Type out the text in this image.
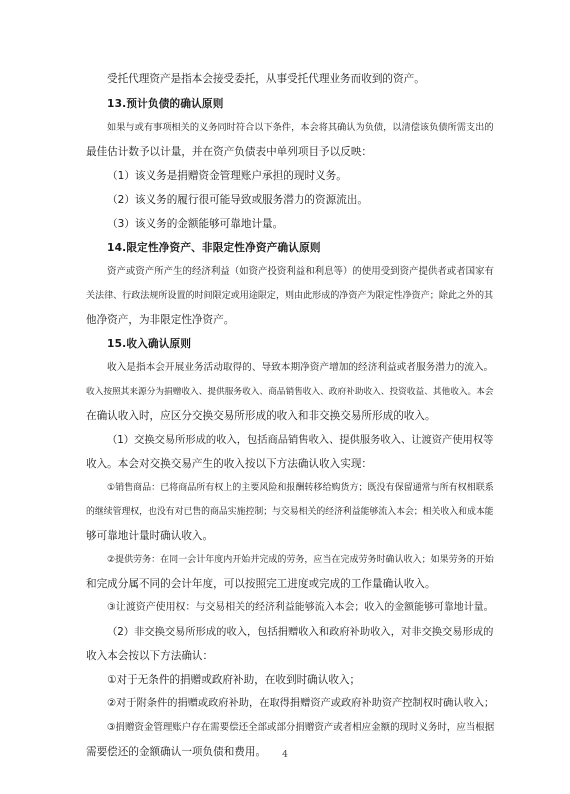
受托代理资产是指本会接受委托，从事受托代理业务而收到的资产。
13.预计负债的确认原则
如果与或有事项相关的义务同时符合以下条件，本会将其确认为负债，以清偿该负债所需支出的
最佳估计数予以计量，并在资产负债表中单列项目予以反映：
（1）该义务是捐赠资金管理账户承担的现时义务。
（2）该义务的履行很可能导致或服务潜力的资源流出。
（3）该义务的金额能够可靠地计量。
14.限定性净资产、非限定性净资产确认原则
资产或资产所产生的经济利益（如资产投资利益和利息等）的使用受到资产提供者或者国家有
关法律、行政法规所设置的时间限定或用途限定，则由此形成的净资产为限定性净资产；除此之外的其
他净资产，为非限定性净资产。
15.收入确认原则
收入是指本会开展业务活动取得的、导致本期净资产增加的经济利益或者服务潜力的流入。
收入按照其来源分为捐赠收入、提供服务收入、商品销售收入、政府补助收入、投资收益、其他收入。本会
在确认收入时，应区分交换交易所形成的收入和非交换交易所形成的收入。
（1）交换交易所形成的收入，包括商品销售收入、提供服务收入、让渡资产使用权等
收入。本会对交换交易产生的收入按以下方法确认收入实现：
①销售商品：已将商品所有权上的主要风险和报酬转移给购货方；既没有保留通常与所有权相联系
的继续管理权，也没有对已售的商品实施控制；与交易相关的经济利益能够流入本会；相关收入和成本能
够可靠地计量时确认收入。
②提供劳务：在同一会计年度内开始并完成的劳务，应当在完成劳务时确认收入；如果劳务的开始
和完成分属不同的会计年度，可以按照完工进度或完成的工作量确认收入。
③让渡资产使用权：与交易相关的经济利益能够流入本会；收入的金额能够可靠地计量。
（2）非交换交易所形成的收入，包括捐赠收入和政府补助收入，对非交换交易形成的
收入本会按以下方法确认：
①对于无条件的捐赠或政府补助，在收到时确认收入；
②对于附条件的捐赠或政府补助，在取得捐赠资产或政府补助资产控制权时确认收入；
③捐赠资金管理账户存在需要偿还全部或部分捐赠资产或者相应金额的现时义务时，应当根据
需要偿还的金额确认一项负债和费用。	4
